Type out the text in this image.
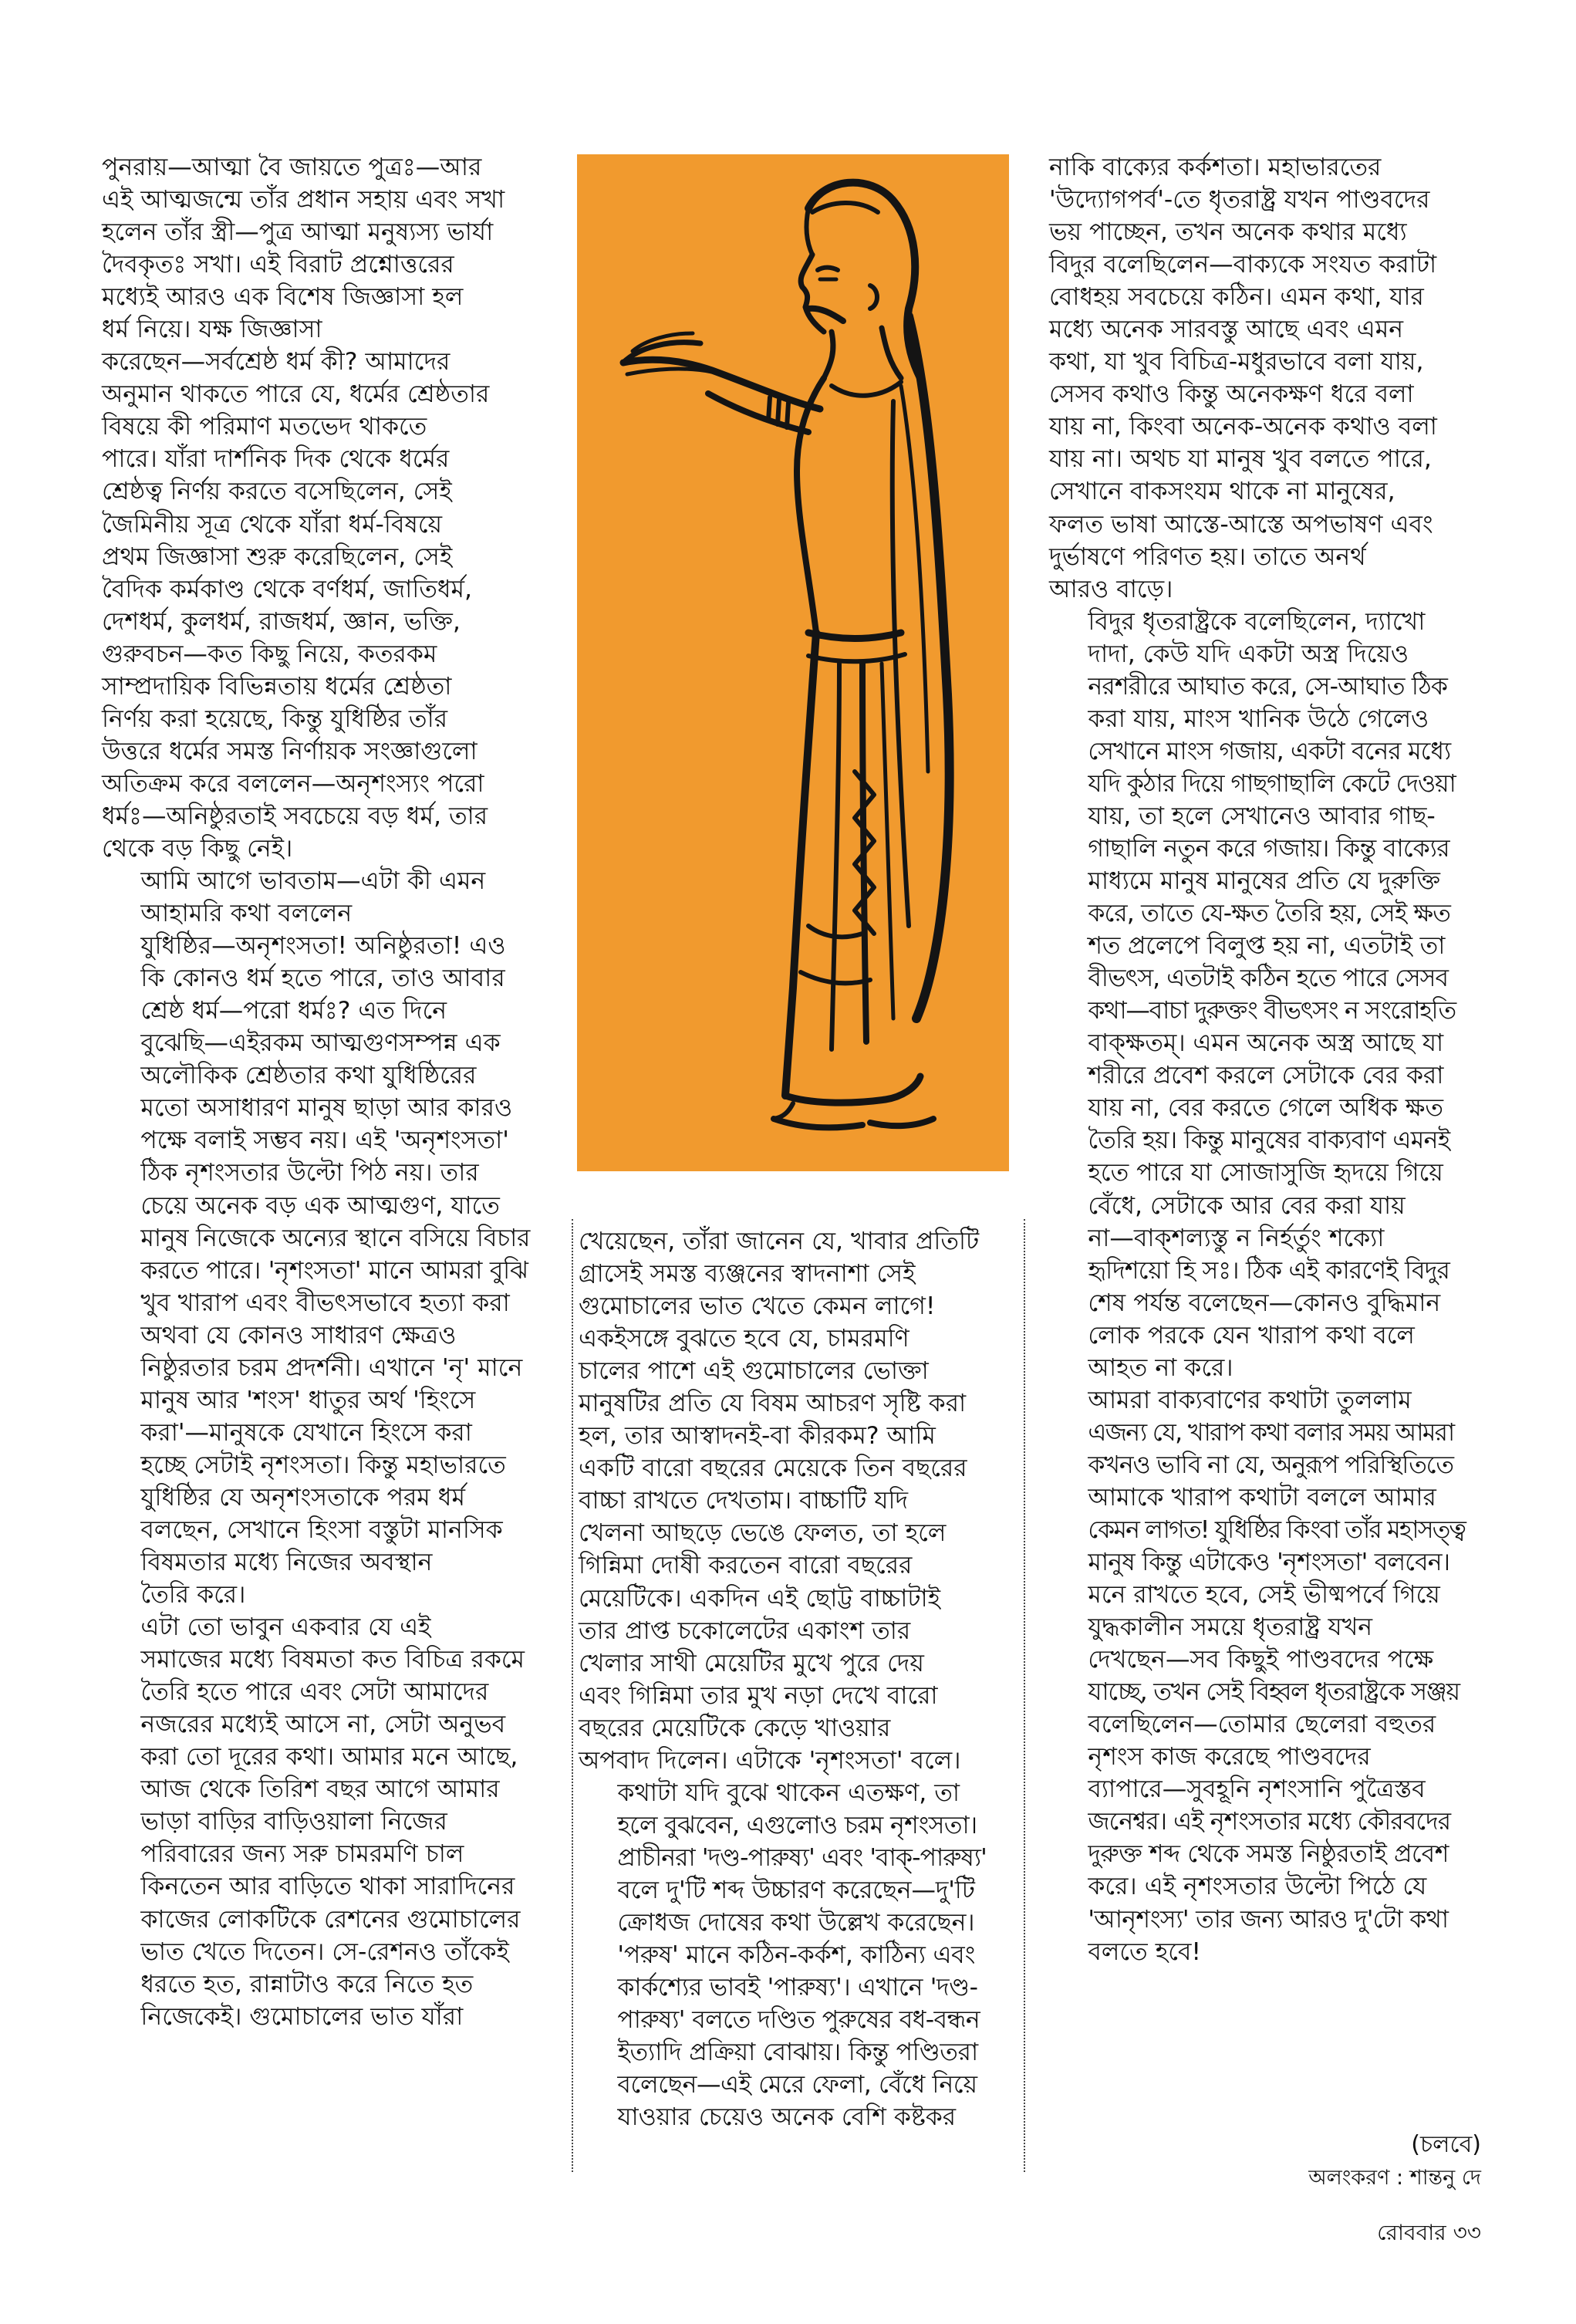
পুনরায়—আত্মা বৈ জায়তে পুত্রঃ—আর
এই আত্মজন্মে তাঁর প্রধান সহায় এবং সখা
হলেন তাঁর স্ত্রী—পুত্র আত্মা মনুষ্যস্য ভার্যা
দৈবকৃতঃ সখা। এই বিরাট প্রশ্নোত্তরের
মধ্যেই আরও এক বিশেষ জিজ্ঞাসা হল
ধর্ম নিয়ে। যক্ষ জিজ্ঞাসা
করেছেন—সর্বশ্রেষ্ঠ ধর্ম কী? আমাদের
অনুমান থাকতে পারে যে, ধর্মের শ্রেষ্ঠতার
বিষয়ে কী পরিমাণ মতভেদ থাকতে
পারে। যাঁরা দার্শনিক দিক থেকে ধর্মের
শ্রেষ্ঠত্ব নির্ণয় করতে বসেছিলেন, সেই
জৈমিনীয় সূত্র থেকে যাঁরা ধর্ম-বিষয়ে
প্রথম জিজ্ঞাসা শুরু করেছিলেন, সেই
বৈদিক কর্মকাণ্ড থেকে বর্ণধর্ম, জাতিধর্ম,
দেশধর্ম, কুলধর্ম, রাজধর্ম, জ্ঞান, ভক্তি,
গুরুবচন—কত কিছু নিয়ে, কতরকম
সাম্প্রদায়িক বিভিন্নতায় ধর্মের শ্রেষ্ঠতা
নির্ণয় করা হয়েছে, কিন্তু যুধিষ্ঠির তাঁর
উত্তরে ধর্মের সমস্ত নির্ণায়ক সংজ্ঞাগুলো
অতিক্রম করে বললেন—অনৃশংস্যং পরো
ধর্মঃ—অনিষ্ঠুরতাই সবচেয়ে বড় ধর্ম, তার
থেকে বড় কিছু নেই।

আমি আগে ভাবতাম—এটা কী এমন
আহামরি কথা বললেন
যুধিষ্ঠির—অনৃশংসতা! অনিষ্ঠুরতা! এও
কি কোনও ধর্ম হতে পারে, তাও আবার
শ্রেষ্ঠ ধর্ম—পরো ধর্মঃ? এত দিনে
বুঝেছি—এইরকম আত্মগুণসম্পন্ন এক
অলৌকিক শ্রেষ্ঠতার কথা যুধিষ্ঠিরের
মতো অসাধারণ মানুষ ছাড়া আর কারও
পক্ষে বলাই সম্ভব নয়। এই 'অনৃশংসতা'
ঠিক নৃশংসতার উল্টো পিঠ নয়। তার
চেয়ে অনেক বড় এক আত্মগুণ, যাতে
মানুষ নিজেকে অন্যের স্থানে বসিয়ে বিচার
করতে পারে। 'নৃশংসতা' মানে আমরা বুঝি
খুব খারাপ এবং বীভৎসভাবে হত্যা করা
অথবা যে কোনও সাধারণ ক্ষেত্রও
নিষ্ঠুরতার চরম প্রদর্শনী। এখানে 'নৃ' মানে
মানুষ আর 'শংস' ধাতুর অর্থ 'হিংসে
করা'—মানুষকে যেখানে হিংসে করা
হচ্ছে সেটাই নৃশংসতা। কিন্তু মহাভারতে
যুধিষ্ঠির যে অনৃশংসতাকে পরম ধর্ম
বলছেন, সেখানে হিংসা বস্তুটা মানসিক
বিষমতার মধ্যে নিজের অবস্থান
তৈরি করে।

এটা তো ভাবুন একবার যে এই
সমাজের মধ্যে বিষমতা কত বিচিত্র রকমে
তৈরি হতে পারে এবং সেটা আমাদের
নজরের মধ্যেই আসে না, সেটা অনুভব
করা তো দূরের কথা। আমার মনে আছে,
আজ থেকে তিরিশ বছর আগে আমার
ভাড়া বাড়ির বাড়িওয়ালা নিজের
পরিবারের জন্য সরু চামরমণি চাল
কিনতেন আর বাড়িতে থাকা সারাদিনের
কাজের লোকটিকে রেশনের গুমোচালের
ভাত খেতে দিতেন। সে-রেশনও তাঁকেই
ধরতে হত, রান্নাটাও করে নিতে হত
নিজেকেই। গুমোচালের ভাত যাঁরা

খেয়েছেন, তাঁরা জানেন যে, খাবার প্রতিটি
গ্রাসেই সমস্ত ব্যঞ্জনের স্বাদনাশা সেই
গুমোচালের ভাত খেতে কেমন লাগে!
একইসঙ্গে বুঝতে হবে যে, চামরমণি
চালের পাশে এই গুমোচালের ভোক্তা
মানুষটির প্রতি যে বিষম আচরণ সৃষ্টি করা
হল, তার আস্বাদনই-বা কীরকম? আমি
একটি বারো বছরের মেয়েকে তিন বছরের
বাচ্চা রাখতে দেখতাম। বাচ্চাটি যদি
খেলনা আছড়ে ভেঙে ফেলত, তা হলে
গিন্নিমা দোষী করতেন বারো বছরের
মেয়েটিকে। একদিন এই ছোট্ট বাচ্চাটাই
তার প্রাপ্ত চকোলেটের একাংশ তার
খেলার সাথী মেয়েটির মুখে পুরে দেয়
এবং গিন্নিমা তার মুখ নড়া দেখে বারো
বছরের মেয়েটিকে কেড়ে খাওয়ার
অপবাদ দিলেন। এটাকে 'নৃশংসতা' বলে।

কথাটা যদি বুঝে থাকেন এতক্ষণ, তা
হলে বুঝবেন, এগুলোও চরম নৃশংসতা।
প্রাচীনরা 'দণ্ড-পারুষ্য' এবং 'বাক্‌-পারুষ্য'
বলে দু'টি শব্দ উচ্চারণ করেছেন—দু'টি
ক্রোধজ দোষের কথা উল্লেখ করেছেন।
'পরুষ' মানে কঠিন-কর্কশ, কাঠিন্য এবং
কার্কশ্যের ভাবই 'পারুষ্য'। এখানে 'দণ্ড-
পারুষ্য' বলতে দণ্ডিত পুরুষের বধ-বন্ধন
ইত্যাদি প্রক্রিয়া বোঝায়। কিন্তু পণ্ডিতরা
বলেছেন—এই মেরে ফেলা, বেঁধে নিয়ে
যাওয়ার চেয়েও অনেক বেশি কষ্টকর

নাকি বাক্যের কর্কশতা। মহাভারতের
'উদ্যোগপর্ব'-তে ধৃতরাষ্ট্র যখন পাণ্ডবদের
ভয় পাচ্ছেন, তখন অনেক কথার মধ্যে
বিদুর বলেছিলেন—বাক্যকে সংযত করাটা
বোধহয় সবচেয়ে কঠিন। এমন কথা, যার
মধ্যে অনেক সারবস্তু আছে এবং এমন
কথা, যা খুব বিচিত্র-মধুরভাবে বলা যায়,
সেসব কথাও কিন্তু অনেকক্ষণ ধরে বলা
যায় না, কিংবা অনেক-অনেক কথাও বলা
যায় না। অথচ যা মানুষ খুব বলতে পারে,
সেখানে বাকসংযম থাকে না মানুষের,
ফলত ভাষা আস্তে-আস্তে অপভাষণ এবং
দুর্ভাষণে পরিণত হয়। তাতে অনর্থ
আরও বাড়ে।

বিদুর ধৃতরাষ্ট্রকে বলেছিলেন, দ্যাখো
দাদা, কেউ যদি একটা অস্ত্র দিয়েও
নরশরীরে আঘাত করে, সে-আঘাত ঠিক
করা যায়, মাংস খানিক উঠে গেলেও
সেখানে মাংস গজায়, একটা বনের মধ্যে
যদি কুঠার দিয়ে গাছগাছালি কেটে দেওয়া
যায়, তা হলে সেখানেও আবার গাছ-
গাছালি নতুন করে গজায়। কিন্তু বাক্যের
মাধ্যমে মানুষ মানুষের প্রতি যে দুরুক্তি
করে, তাতে যে-ক্ষত তৈরি হয়, সেই ক্ষত
শত প্রলেপে বিলুপ্ত হয় না, এতটাই তা
বীভৎস, এতটাই কঠিন হতে পারে সেসব
কথা—বাচা দুরুক্তং বীভৎসং ন সংরোহতি
বাক্‌ক্ষতম্‌। এমন অনেক অস্ত্র আছে যা
শরীরে প্রবেশ করলে সেটাকে বের করা
যায় না, বের করতে গেলে অধিক ক্ষত
তৈরি হয়। কিন্তু মানুষের বাক্যবাণ এমনই
হতে পারে যা সোজাসুজি হৃদয়ে গিয়ে
বেঁধে, সেটাকে আর বের করা যায়
না—বাক্‌শল্যস্তু ন নির্হর্তুং শক্যো
হৃদিশয়ো হি সঃ। ঠিক এই কারণেই বিদুর
শেষ পর্যন্ত বলেছেন—কোনও বুদ্ধিমান
লোক পরকে যেন খারাপ কথা বলে
আহত না করে।

আমরা বাক্যবাণের কথাটা তুললাম
এজন্য যে, খারাপ কথা বলার সময় আমরা
কখনও ভাবি না যে, অনুরূপ পরিস্থিতিতে
আমাকে খারাপ কথাটা বললে আমার
কেমন লাগত! যুধিষ্ঠির কিংবা তাঁর মহাসত্ত্ব
মানুষ কিন্তু এটাকেও 'নৃশংসতা' বলবেন।
মনে রাখতে হবে, সেই ভীষ্মপর্বে গিয়ে
যুদ্ধকালীন সময়ে ধৃতরাষ্ট্র যখন
দেখছেন—সব কিছুই পাণ্ডবদের পক্ষে
যাচ্ছে, তখন সেই বিহ্বল ধৃতরাষ্ট্রকে সঞ্জয়
বলেছিলেন—তোমার ছেলেরা বহুতর
নৃশংস কাজ করেছে পাণ্ডবদের
ব্যাপারে—সুবহূনি নৃশংসানি পুত্রৈস্তব
জনেশ্বর। এই নৃশংসতার মধ্যে কৌরবদের
দুরুক্ত শব্দ থেকে সমস্ত নিষ্ঠুরতাই প্রবেশ
করে। এই নৃশংসতার উল্টো পিঠে যে
'আনৃশংস্য' তার জন্য আরও দু'টো কথা
বলতে হবে!

(চলবে)
অলংকরণ : শান্তনু দে
রোববার ৩৩
